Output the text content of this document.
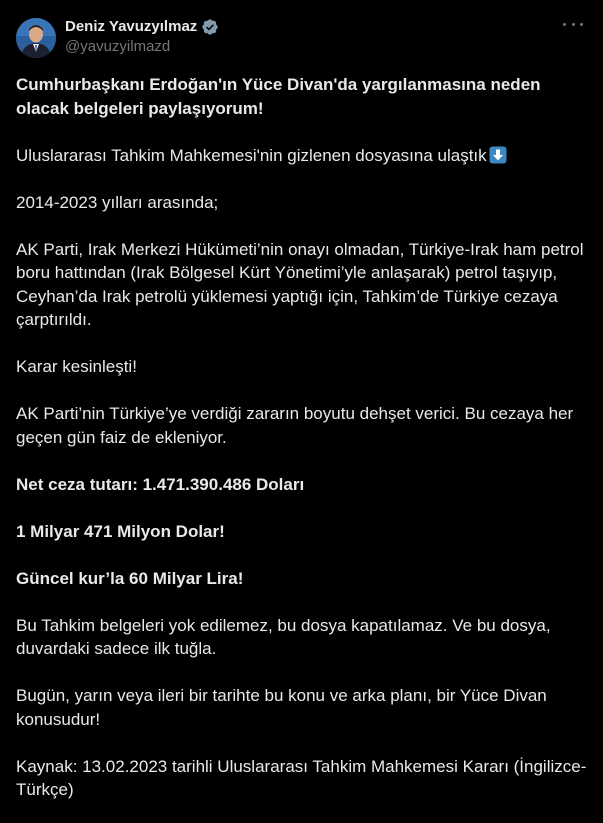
Deniz Yavuzyılmaz
@yavuzyilmazd

Cumhurbaşkanı Erdoğan'ın Yüce Divan'da yargılanmasına neden olacak belgeleri paylaşıyorum!

Uluslararası Tahkim Mahkemesi'nin gizlenen dosyasına ulaştık

2014-2023 yılları arasında;

AK Parti, Irak Merkezi Hükümeti’nin onayı olmadan, Türkiye-Irak ham petrol boru hattından (Irak Bölgesel Kürt Yönetimi’yle anlaşarak) petrol taşıyıp, Ceyhan’da Irak petrolü yüklemesi yaptığı için, Tahkim’de Türkiye cezaya çarptırıldı.

Karar kesinleşti!

AK Parti’nin Türkiye’ye verdiği zararın boyutu dehşet verici. Bu cezaya her geçen gün faiz de ekleniyor.

Net ceza tutarı: 1.471.390.486 Doları

1 Milyar 471 Milyon Dolar!

Güncel kur’la 60 Milyar Lira!

Bu Tahkim belgeleri yok edilemez, bu dosya kapatılamaz. Ve bu dosya, duvardaki sadece ilk tuğla.

Bugün, yarın veya ileri bir tarihte bu konu ve arka planı, bir Yüce Divan konusudur!

Kaynak: 13.02.2023 tarihli Uluslararası Tahkim Mahkemesi Kararı (İngilizce-Türkçe)
